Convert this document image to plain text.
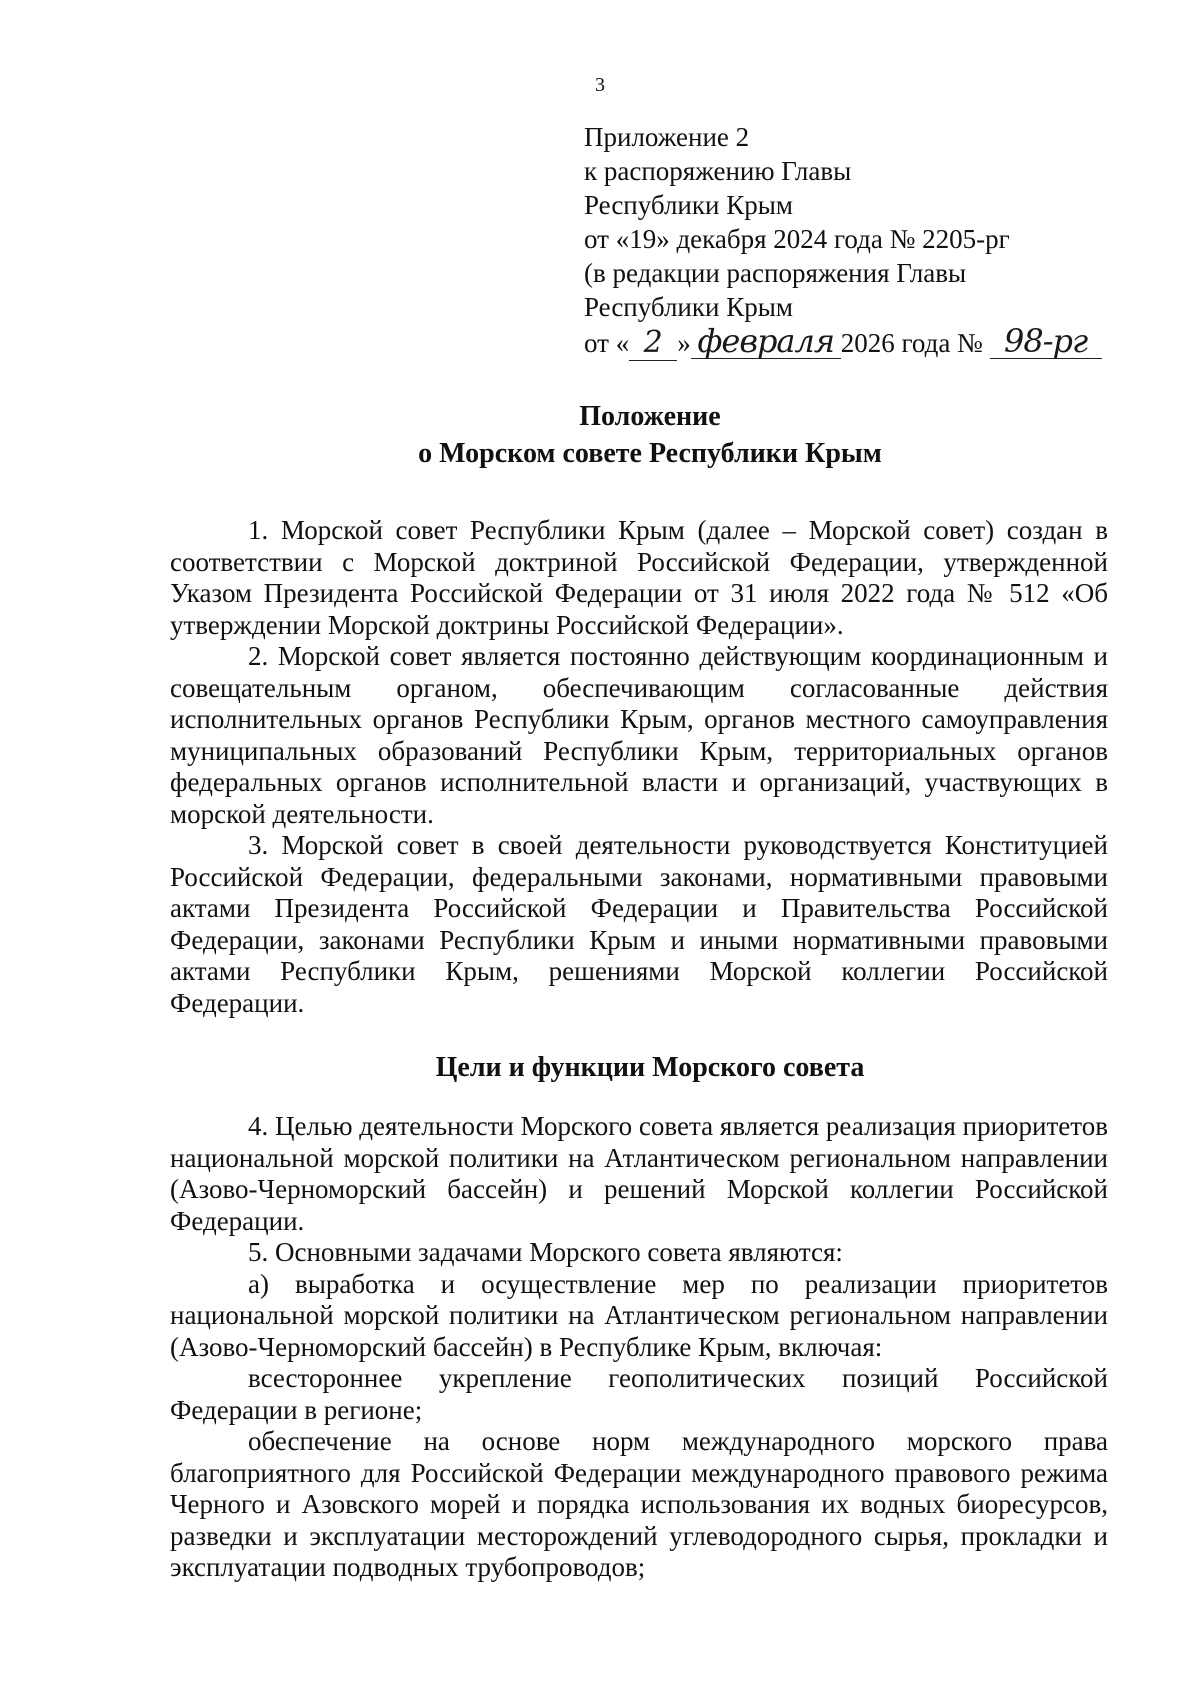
3
Приложение 2
к распоряжению Главы
Республики Крым
от «19» декабря 2024 года № 2205-рг
(в редакции распоряжения Главы
Республики Крым
от « 2 » февраля 2026 года № 98-рг
Положение
о Морском совете Республики Крым

1. Морской совет Республики Крым (далее – Морской совет) создан в соответствии с Морской доктриной Российской Федерации, утвержденной Указом Президента Российской Федерации от 31 июля 2022 года № 512 «Об утверждении Морской доктрины Российской Федерации».

2. Морской совет является постоянно действующим координационным и совещательным органом, обеспечивающим согласованные действия исполнительных органов Республики Крым, органов местного самоуправления муниципальных образований Республики Крым, территориальных органов федеральных органов исполнительной власти и организаций, участвующих в морской деятельности.

3. Морской совет в своей деятельности руководствуется Конституцией Российской Федерации, федеральными законами, нормативными правовыми актами Президента Российской Федерации и Правительства Российской Федерации, законами Республики Крым и иными нормативными правовыми актами Республики Крым, решениями Морской коллегии Российской Федерации.

Цели и функции Морского совета

4. Целью деятельности Морского совета является реализация приоритетов национальной морской политики на Атлантическом региональном направлении (Азово-Черноморский бассейн) и решений Морской коллегии Российской Федерации.

5. Основными задачами Морского совета являются:

а) выработка и осуществление мер по реализации приоритетов национальной морской политики на Атлантическом региональном направлении (Азово-Черноморский бассейн) в Республике Крым, включая:

всестороннее укрепление геополитических позиций Российской Федерации в регионе;

обеспечение на основе норм международного морского права благоприятного для Российской Федерации международного правового режима Черного и Азовского морей и порядка использования их водных биоресурсов, разведки и эксплуатации месторождений углеводородного сырья, прокладки и эксплуатации подводных трубопроводов;
